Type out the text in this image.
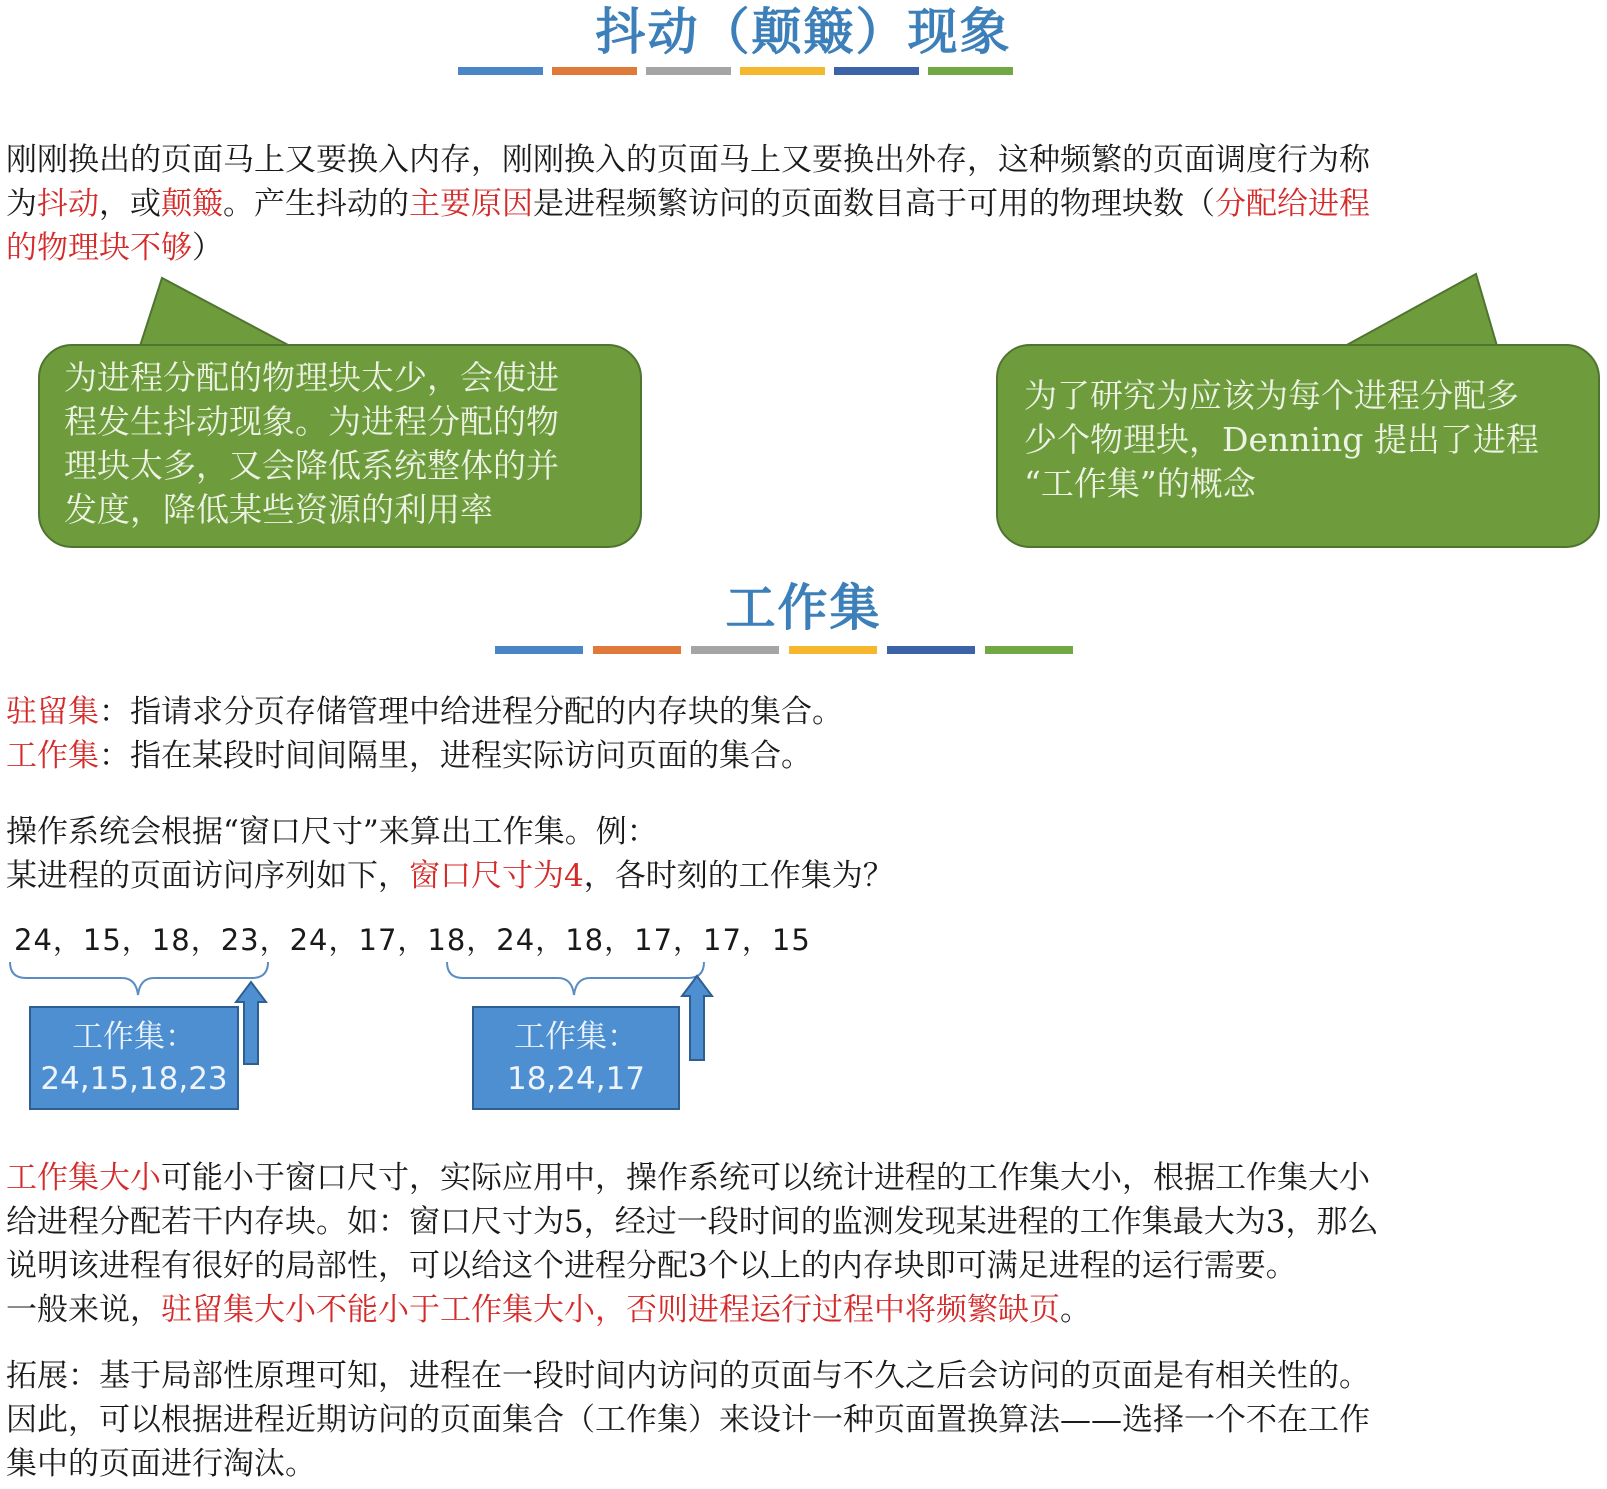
抖动（颠簸）现象
刚刚换出的页面马上又要换入内存，刚刚换入的页面马上又要换出外存，这种频繁的页面调度行为称
为抖动，或颠簸。产生抖动的主要原因是进程频繁访问的页面数目高于可用的物理块数（分配给进程
的物理块不够）
为进程分配的物理块太少，会使进
程发生抖动现象。为进程分配的物
理块太多，又会降低系统整体的并
发度，降低某些资源的利用率
为了研究为应该为每个进程分配多
少个物理块，Denning 提出了进程
“工作集”的概念
工作集
驻留集：指请求分页存储管理中给进程分配的内存块的集合。
工作集：指在某段时间间隔里，进程实际访问页面的集合。
操作系统会根据“窗口尺寸”来算出工作集。例：
某进程的页面访问序列如下，窗口尺寸为4，各时刻的工作集为？
24，15，18，23，24，17，18，24，18，17，17，15
工作集：
24,15,18,23
工作集：
18,24,17
工作集大小可能小于窗口尺寸，实际应用中，操作系统可以统计进程的工作集大小，根据工作集大小
给进程分配若干内存块。如：窗口尺寸为5，经过一段时间的监测发现某进程的工作集最大为3，那么
说明该进程有很好的局部性，可以给这个进程分配3个以上的内存块即可满足进程的运行需要。
一般来说，驻留集大小不能小于工作集大小，否则进程运行过程中将频繁缺页。
拓展：基于局部性原理可知，进程在一段时间内访问的页面与不久之后会访问的页面是有相关性的。
因此，可以根据进程近期访问的页面集合（工作集）来设计一种页面置换算法——选择一个不在工作
集中的页面进行淘汰。
